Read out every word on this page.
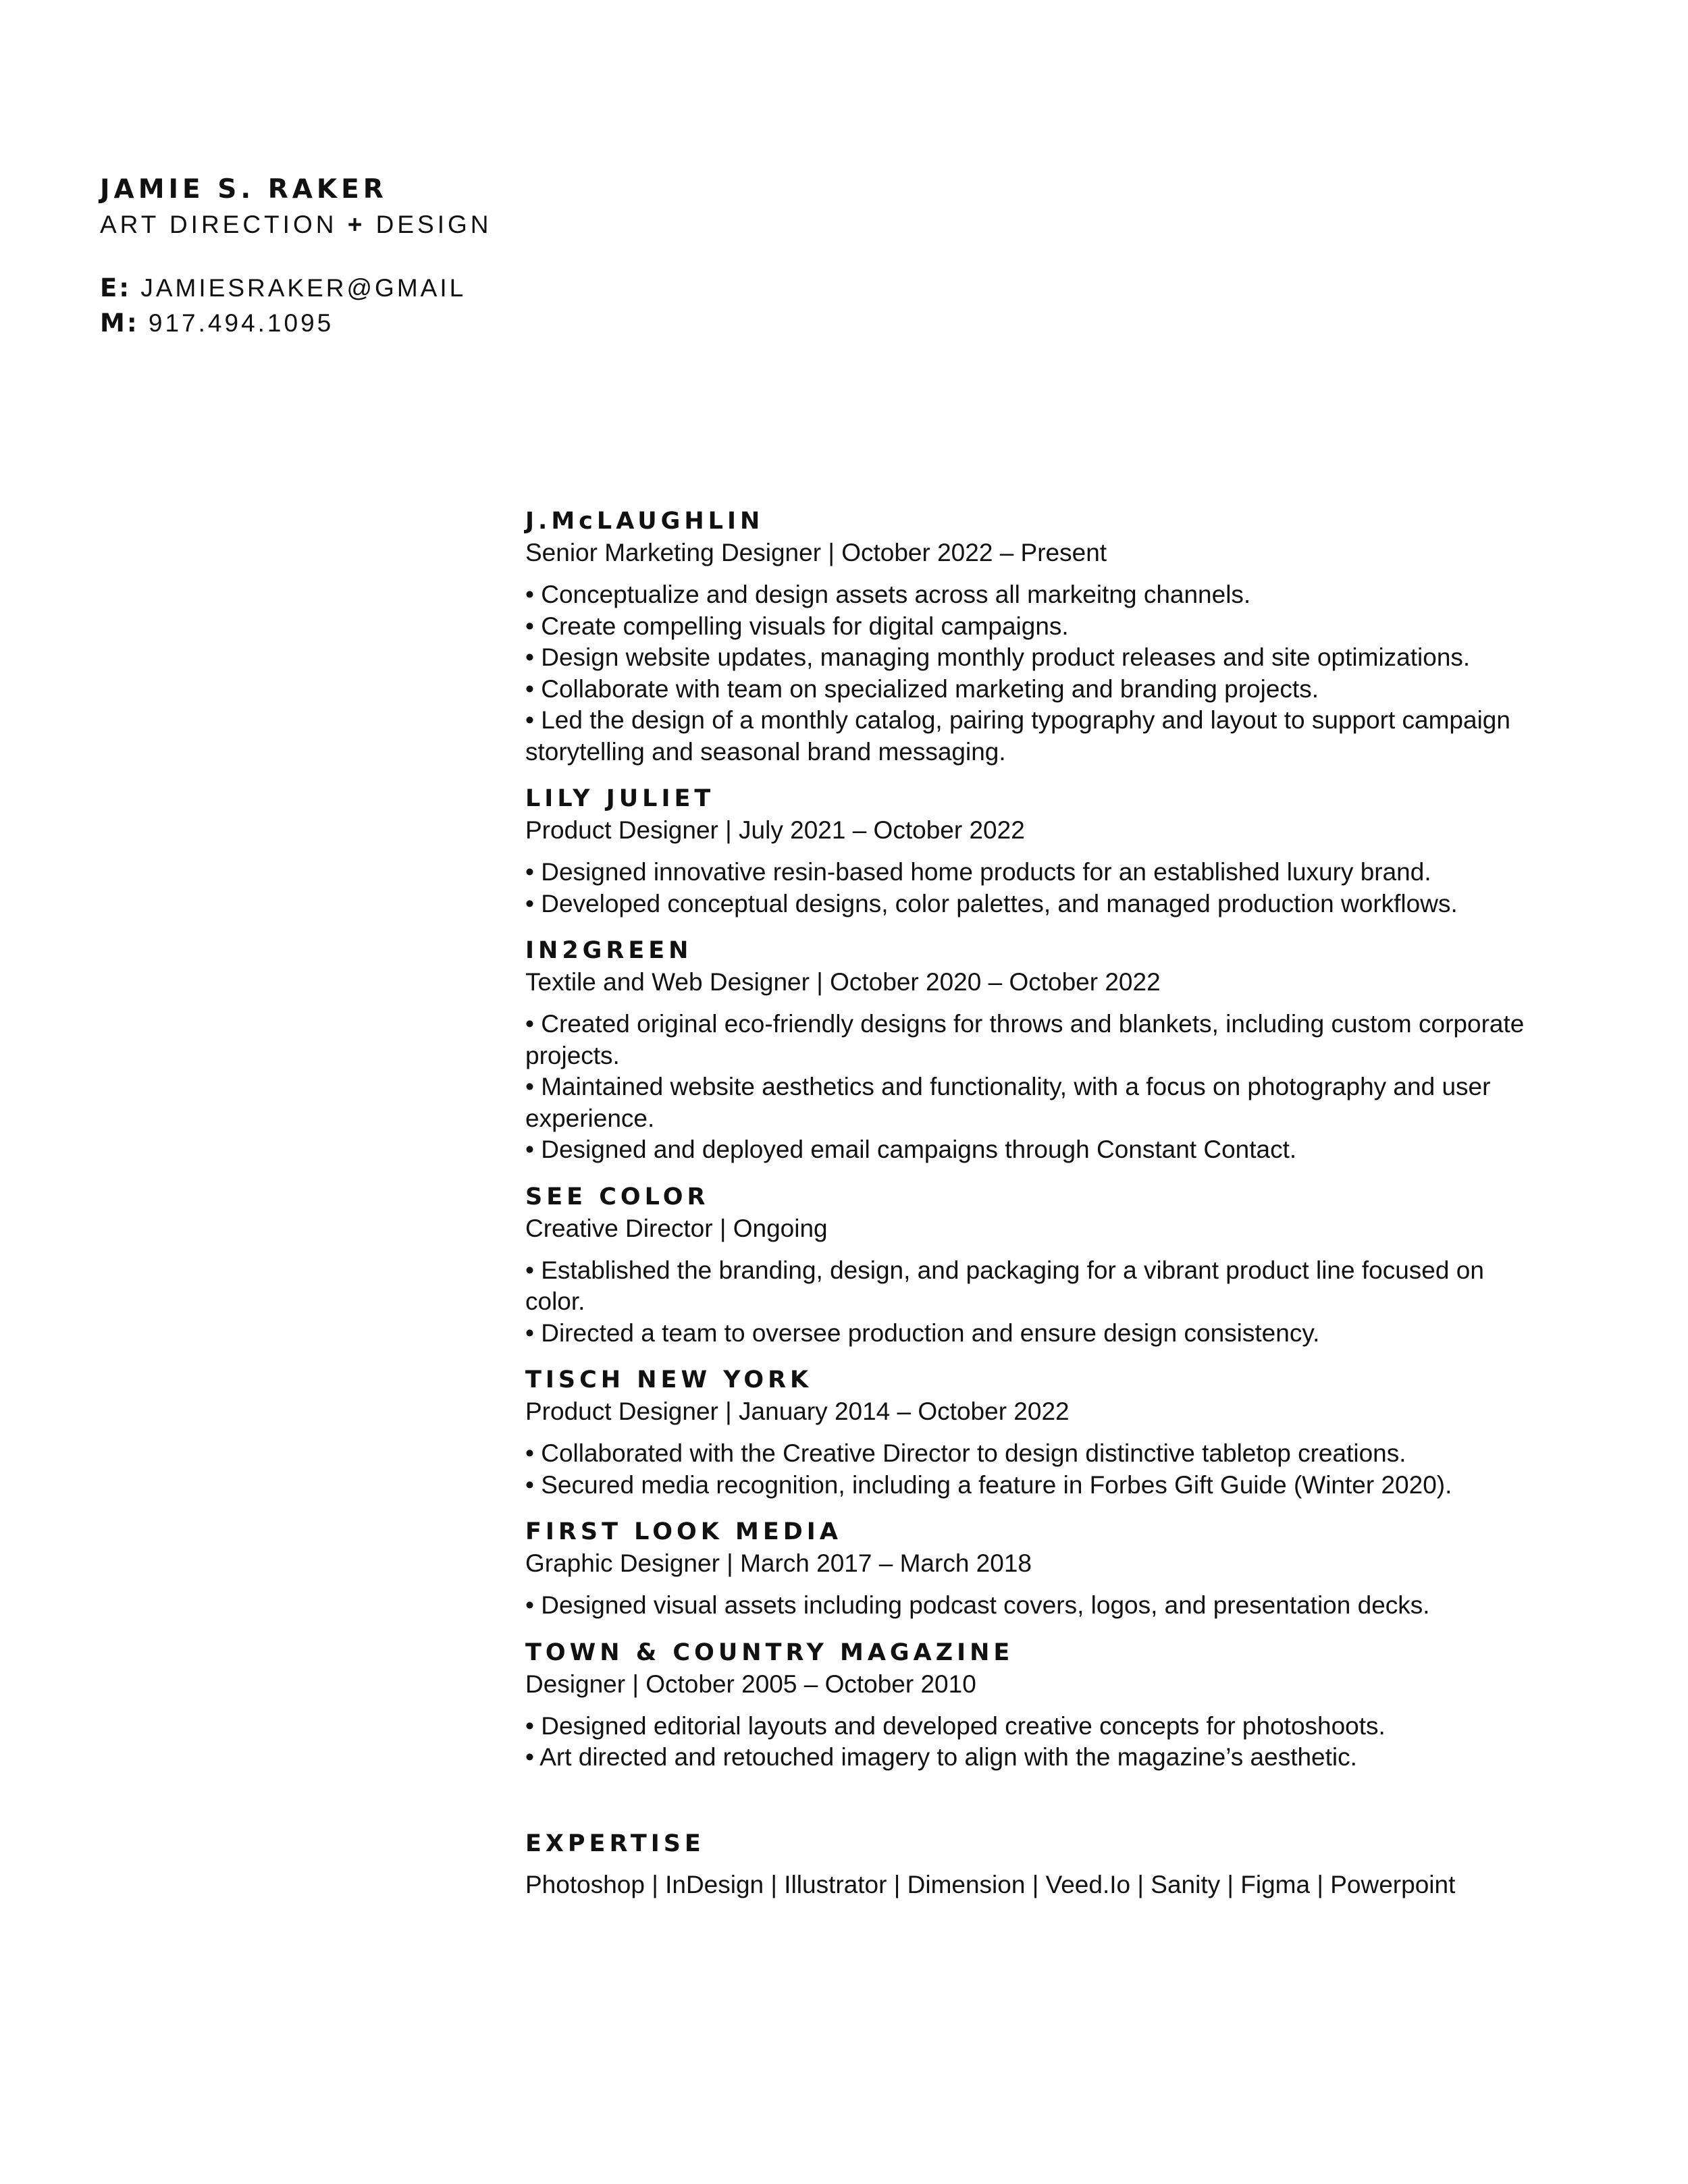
JAMIE S. RAKER
ART DIRECTION + DESIGN
E: JAMIESRAKER@GMAIL
M: 917.494.1095
J.McLAUGHLIN
Senior Marketing Designer | October 2022 – Present
• Conceptualize and design assets across all markeitng channels.
• Create compelling visuals for digital campaigns.
• Design website updates, managing monthly product releases and site optimizations.
• Collaborate with team on specialized marketing and branding projects.
• Led the design of a monthly catalog, pairing typography and layout to support campaign storytelling and seasonal brand messaging.
LILY JULIET
Product Designer | July 2021 – October 2022
• Designed innovative resin-based home products for an established luxury brand.
• Developed conceptual designs, color palettes, and managed production workflows.
IN2GREEN
Textile and Web Designer | October 2020 – October 2022
• Created original eco-friendly designs for throws and blankets, including custom corporate projects.
• Maintained website aesthetics and functionality, with a focus on photography and user experience.
• Designed and deployed email campaigns through Constant Contact.
SEE COLOR
Creative Director | Ongoing
• Established the branding, design, and packaging for a vibrant product line focused on color.
• Directed a team to oversee production and ensure design consistency.
TISCH NEW YORK
Product Designer | January 2014 – October 2022
• Collaborated with the Creative Director to design distinctive tabletop creations.
• Secured media recognition, including a feature in Forbes Gift Guide (Winter 2020).
FIRST LOOK MEDIA
Graphic Designer | March 2017 – March 2018
• Designed visual assets including podcast covers, logos, and presentation decks.
TOWN & COUNTRY MAGAZINE
Designer | October 2005 – October 2010
• Designed editorial layouts and developed creative concepts for photoshoots.
• Art directed and retouched imagery to align with the magazine’s aesthetic.
EXPERTISE
Photoshop | InDesign | Illustrator | Dimension | Veed.Io | Sanity | Figma | Powerpoint
